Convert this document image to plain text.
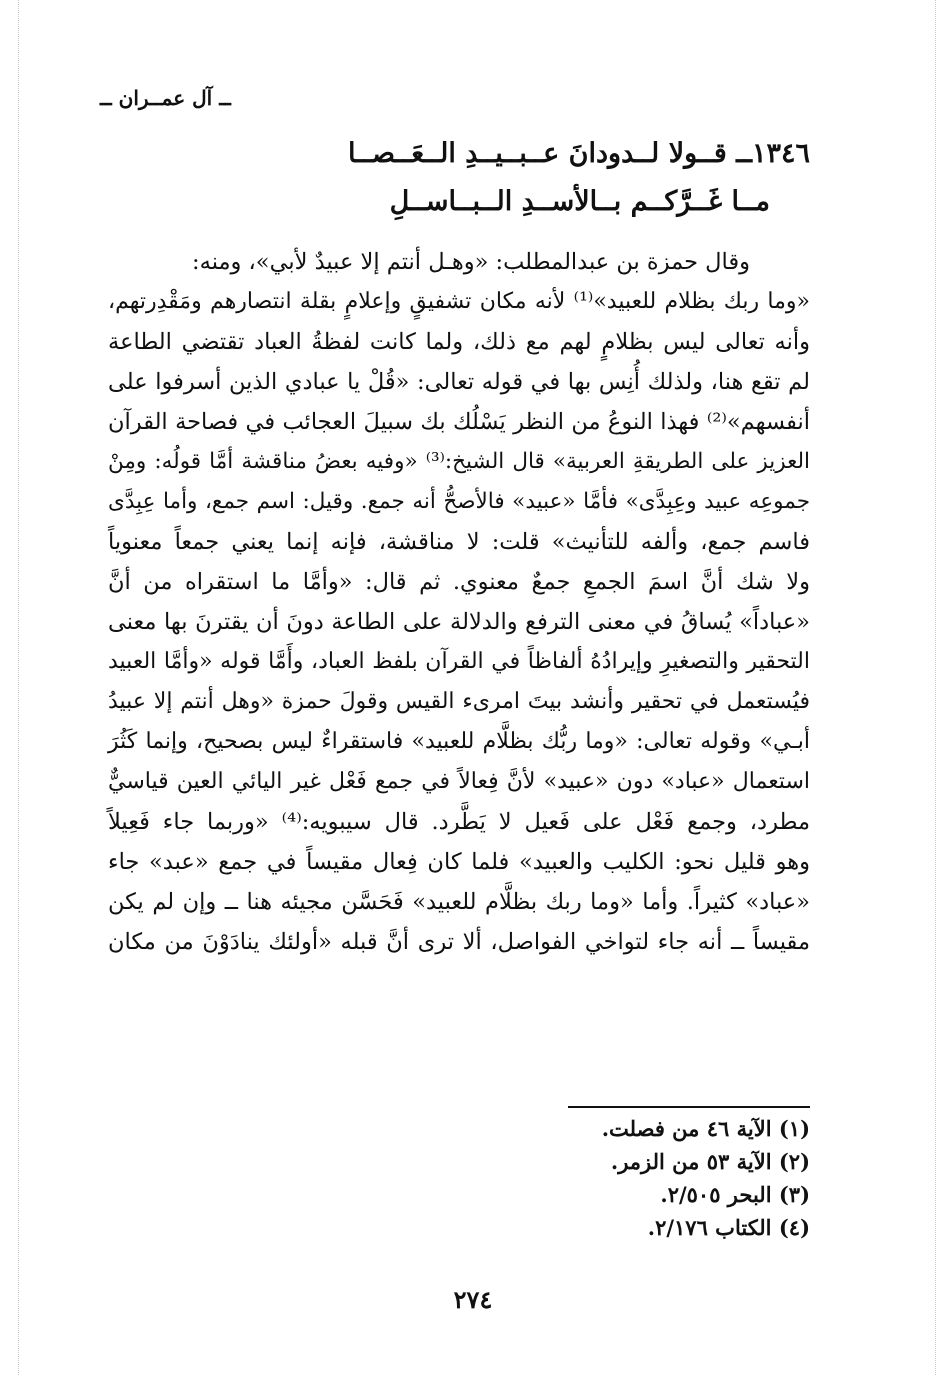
ــ آل عمــران ــ
١٣٤٦ــ قــولا لــدودانَ عــبــيــدِ الــعَــصــا
مــا غَــرَّكــم بــالأســدِ الــبــاســلِ
وقال حمزة بن عبدالمطلب: «وهـل أنتم إلا عبيدٌ لأبي»، ومنه:
«وما ربك بظلام للعبيد»⁽¹⁾ لأنه مكان تشفيقٍ وإعلامٍ بقلة انتصارهم ومَقْدِرتهم،
وأنه تعالى ليس بظلامٍ لهم مع ذلك، ولما كانت لفظةُ العباد تقتضي الطاعة
لم تقع هنا، ولذلك أُنِس بها في قوله تعالى: «قُلْ يا عبادي الذين أسرفوا على
أنفسهم»⁽²⁾ فهذا النوعُ من النظر يَسْلُك بك سبيلَ العجائب في فصاحة القرآن
العزيز على الطريقةِ العربية» قال الشيخ:⁽³⁾ «وفيه بعضُ مناقشة أمَّا قولُه: ومِنْ
جموعِه عبيد وعِبِدَّى» فأمَّا «عبيد» فالأصحُّ أنه جمع. وقيل: اسم جمع، وأما عِبِدَّى
فاسم جمع، وألفه للتأنيث» قلت: لا مناقشة، فإنه إنما يعني جمعاً معنوياً
ولا شك أنَّ اسمَ الجمعِ جمعٌ معنوي. ثم قال: «وأمَّا ما استقراه من أنَّ
«عباداً» يُساقُ في معنى الترفع والدلالة على الطاعة دونَ أن يقترنَ بها معنى
التحقير والتصغيرِ وإيرادُهُ ألفاظاً في القرآن بلفظ العباد، وأَمَّا قوله «وأمَّا العبيد
فيُستعمل في تحقير وأنشد بيتَ امرىء القيس وقولَ حمزة «وهل أنتم إلا عبيدُ
أبـي» وقوله تعالى: «وما ربُّك بظلَّام للعبيد» فاستقراءٌ ليس بصحيح، وإنما كَثُرَ
استعمال «عباد» دون «عبيد» لأنَّ فِعالاً في جمع فَعْل غير اليائي العين قياسيٌّ
مطرد، وجمع فَعْل على فَعيل لا يَطَّرد. قال سيبويه:⁽⁴⁾ «وربما جاء فَعِيلاً
وهو قليل نحو: الكليب والعبيد» فلما كان فِعال مقيساً في جمع «عبد» جاء
«عباد» كثيراً. وأما «وما ربك بظلَّام للعبيد» فَحَسَّن مجيئه هنا ــ وإن لم يكن
مقيساً ــ أنه جاء لتواخي الفواصل، ألا ترى أنَّ قبله «أولئك ينادَوْنَ من مكان
(١) الآية ٤٦ من فصلت.
(٢) الآية ٥٣ من الزمر.
(٣) البحر ٢/٥٠٥.
(٤) الكتاب ٢/١٧٦.
٢٧٤
